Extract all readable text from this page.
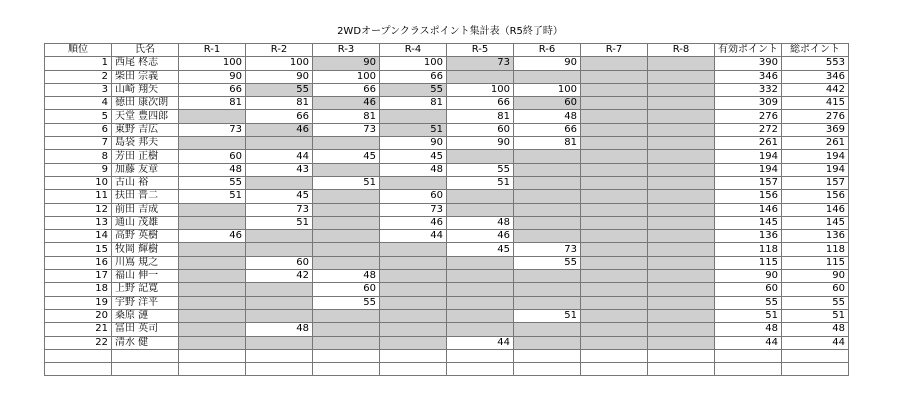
2WDオープンクラスポイント集計表（R5終了時）
順位	氏名	R-1	R-2	R-3	R-4	R-5	R-6	R-7	R-8	有効ポイント	総ポイント
1	西尾 柊志	100	100	90	100	73	90			390	553
2	柴田 宗義	90	90	100	66					346	346
3	山崎 翔矢	66	55	66	55	100	100			332	442
4	徳田 康次朗	81	81	46	81	66	60			309	415
5	天堂 豊四郎		66	81		81	48			276	276
6	東野 吉広	73	46	73	51	60	66			272	369
7	島袋 邦夫				90	90	81			261	261
8	芳田 正樹	60	44	45	45					194	194
9	加藤 友章	48	43		48	55				194	194
10	古山 裕	55		51		51				157	157
11	扶田 晋二	51	45		60					156	156
12	前田 吉成		73		73					146	146
13	通山 茂雄		51		46	48				145	145
14	高野 英樹	46			44	46				136	136
15	牧岡 輝樹					45	73			118	118
16	川嶌 規之		60				55			115	115
17	福山 伸一		42	48						90	90
18	上野 記寛			60						60	60
19	宇野 洋平			55						55	55
20	桑原 漣						51			51	51
21	冨田 英司		48							48	48
22	清水 健					44				44	44
